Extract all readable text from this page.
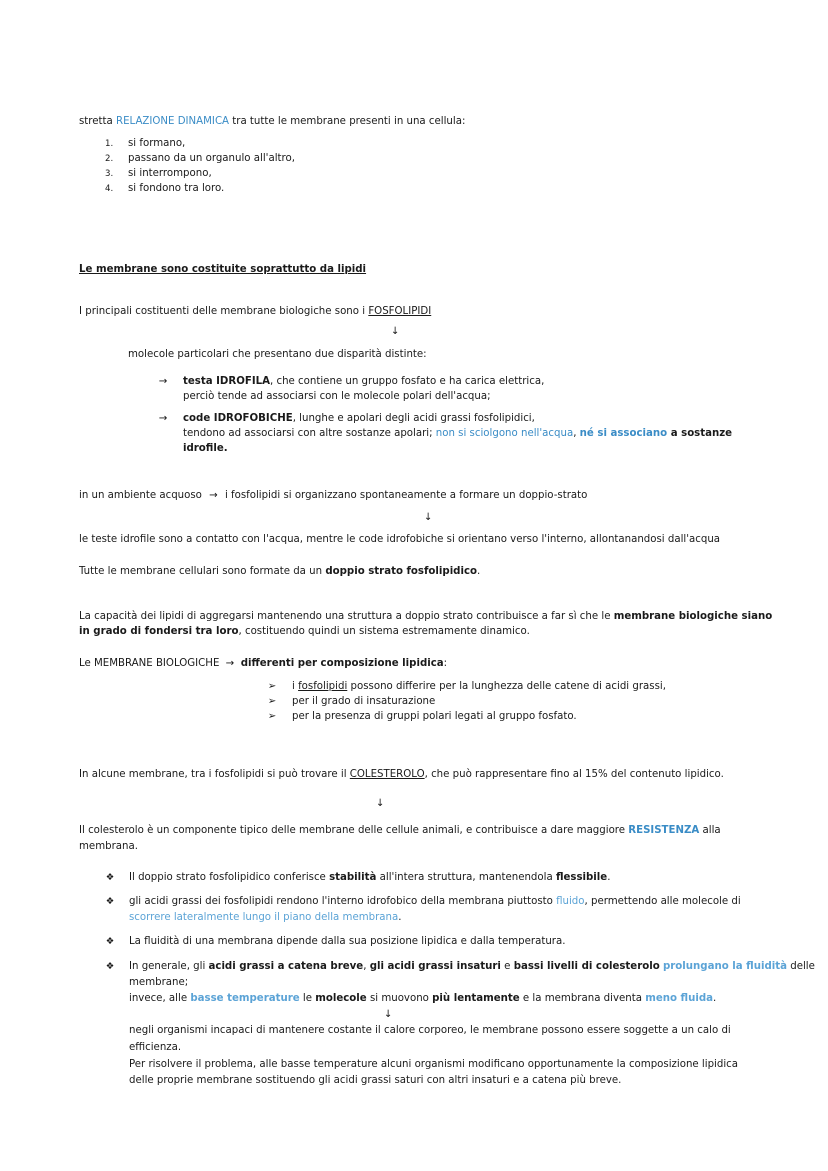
stretta RELAZIONE DINAMICA tra tutte le membrane presenti in una cellula:
1. si formano,
2. passano da un organulo all'altro,
3. si interrompono,
4. si fondono tra loro.
Le membrane sono costituite soprattutto da lipidi
I principali costituenti delle membrane biologiche sono i FOSFOLIPIDI
↓
molecole particolari che presentano due disparità distinte:
→ testa IDROFILA, che contiene un gruppo fosfato e ha carica elettrica,
perciò tende ad associarsi con le molecole polari dell'acqua;
→ code IDROFOBICHE, lunghe e apolari degli acidi grassi fosfolipidici,
tendono ad associarsi con altre sostanze apolari; non si sciolgono nell'acqua, né si associano a sostanze
idrofile.
in un ambiente acquoso → i fosfolipidi si organizzano spontaneamente a formare un doppio-strato
↓
le teste idrofile sono a contatto con l'acqua, mentre le code idrofobiche si orientano verso l'interno, allontanandosi dall'acqua
Tutte le membrane cellulari sono formate da un doppio strato fosfolipidico.
La capacità dei lipidi di aggregarsi mantenendo una struttura a doppio strato contribuisce a far sì che le membrane biologiche siano
in grado di fondersi tra loro, costituendo quindi un sistema estremamente dinamico.
Le MEMBRANE BIOLOGICHE → differenti per composizione lipidica:
➢ i fosfolipidi possono differire per la lunghezza delle catene di acidi grassi,
➢ per il grado di insaturazione
➢ per la presenza di gruppi polari legati al gruppo fosfato.
In alcune membrane, tra i fosfolipidi si può trovare il COLESTEROLO, che può rappresentare fino al 15% del contenuto lipidico.
↓
Il colesterolo è un componente tipico delle membrane delle cellule animali, e contribuisce a dare maggiore RESISTENZA alla
membrana.
❖ Il doppio strato fosfolipidico conferisce stabilità all'intera struttura, mantenendola flessibile.
❖ gli acidi grassi dei fosfolipidi rendono l'interno idrofobico della membrana piuttosto fluido, permettendo alle molecole di
scorrere lateralmente lungo il piano della membrana.
❖ La fluidità di una membrana dipende dalla sua posizione lipidica e dalla temperatura.
❖ In generale, gli acidi grassi a catena breve, gli acidi grassi insaturi e bassi livelli di colesterolo prolungano la fluidità delle
membrane;
invece, alle basse temperature le molecole si muovono più lentamente e la membrana diventa meno fluida.
↓
negli organismi incapaci di mantenere costante il calore corporeo, le membrane possono essere soggette a un calo di
efficienza.
Per risolvere il problema, alle basse temperature alcuni organismi modificano opportunamente la composizione lipidica
delle proprie membrane sostituendo gli acidi grassi saturi con altri insaturi e a catena più breve.
